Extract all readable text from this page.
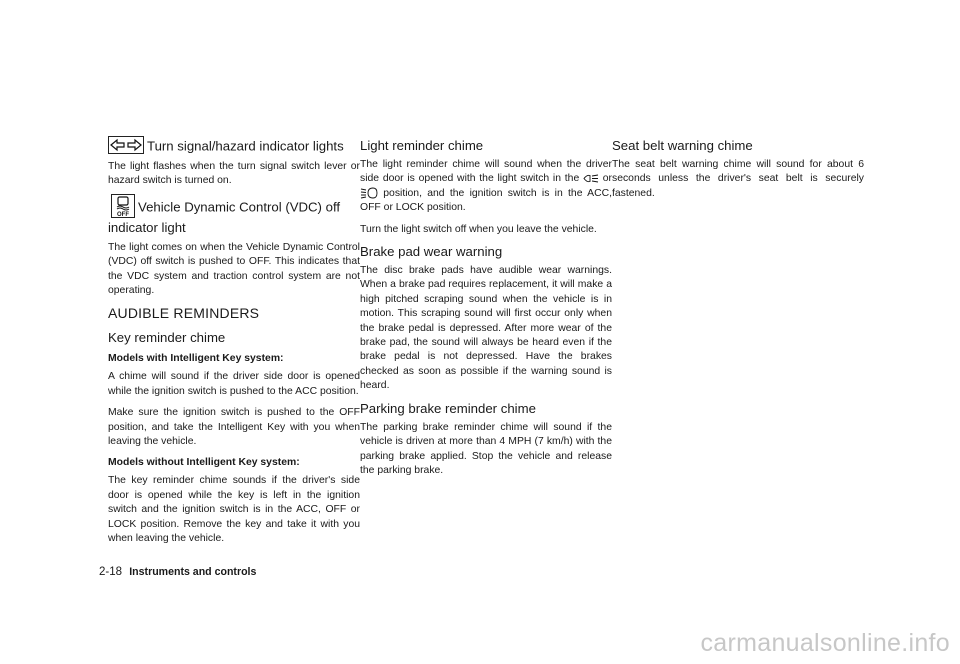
Turn signal/hazard indicator lights

The light flashes when the turn signal switch lever or hazard switch is turned on.

OFF
Vehicle Dynamic Control (VDC) off
indicator light

The light comes on when the Vehicle Dynamic Control (VDC) off switch is pushed to OFF. This indicates that the VDC system and traction control system are not operating.

AUDIBLE REMINDERS
Key reminder chime
Models with Intelligent Key system:

A chime will sound if the driver side door is opened while the ignition switch is pushed to the ACC position.

Make sure the ignition switch is pushed to the OFF position, and take the Intelligent Key with you when leaving the vehicle.

Models without Intelligent Key system:

The key reminder chime sounds if the driver's side door is opened while the key is left in the ignition switch and the ignition switch is in the ACC, OFF or LOCK position. Remove the key and take it with you when leaving the vehicle.

Light reminder chime

The light reminder chime will sound when the driver side door is opened with the light switch in the
or
position, and the ignition switch is in the ACC, OFF or LOCK position.

Turn the light switch off when you leave the vehicle.

Brake pad wear warning

The disc brake pads have audible wear warnings. When a brake pad requires replacement, it will make a high pitched scraping sound when the vehicle is in motion. This scraping sound will first occur only when the brake pedal is depressed. After more wear of the brake pad, the sound will always be heard even if the brake pedal is not depressed. Have the brakes checked as soon as possible if the warning sound is heard.

Parking brake reminder chime

The parking brake reminder chime will sound if the vehicle is driven at more than 4 MPH (7 km/h) with the parking brake applied. Stop the vehicle and release the parking brake.

Seat belt warning chime

The seat belt warning chime will sound for about 6 seconds unless the driver's seat belt is securely fastened.

2-18 Instruments and controls
carmanualsonline.info
